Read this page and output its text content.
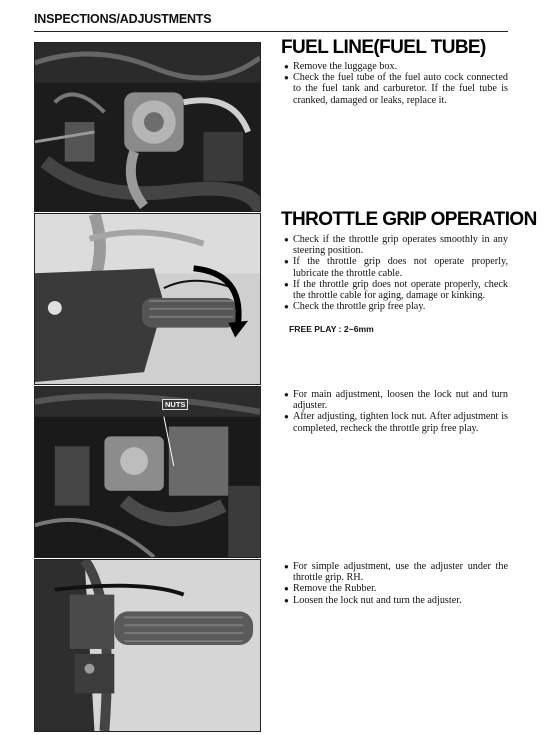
INSPECTIONS/ADJUSTMENTS
NUTS
FUEL LINE(FUEL TUBE)
● Remove the luggage box.
● Check the fuel tube of the fuel auto cock connected to the fuel tank and carburetor. If the fuel tube is cranked, damaged or leaks, replace it.
THROTTLE GRIP OPERATION
● Check if the throttle grip operates smoothly in any steering position.
● If the throttle grip does not operate properly, lubricate the throttle cable.
● If the throttle grip does not operate properly, check the throttle cable for aging, damage or kinking.
● Check the throttle grip free play.
FREE PLAY : 2~6mm
● For main adjustment, loosen the lock nut and turn adjuster.
● After adjusting, tighten lock nut. After adjustment is completed, recheck the throttle grip free play.
● For simple adjustment, use the adjuster under the throttle grip. RH.
● Remove the Rubber.
● Loosen the lock nut and turn the adjuster.
